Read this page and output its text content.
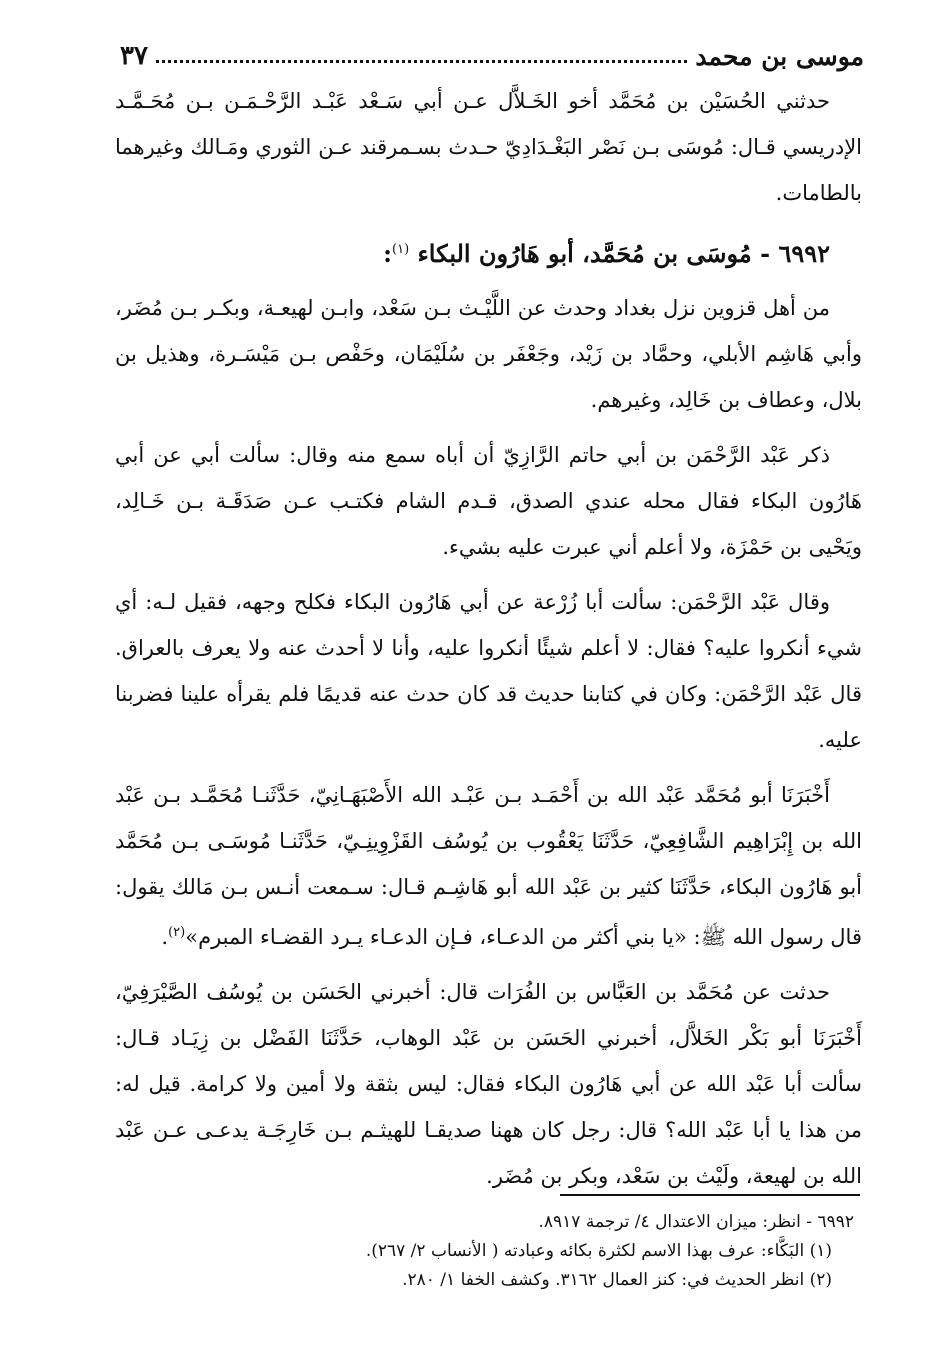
موسى بن محمد
٣٧

حدثني الحُسَيْن بن مُحَمَّد أخو الخَـلاَّل عـن أبي سَـعْد عَبْـد الرَّحْـمَـن بـن مُحَـمَّـد الإدريسي قـال: مُوسَى بـن نَصْر البَغْـدَادِيّ حـدث بسـمرقند عـن الثوري ومَـالك وغيرهما بالطامات.

٦٩٩٢ - مُوسَى بن مُحَمَّد، أبو هَارُون البكاء $^{(١)}$:

من أهل قزوين نزل بغداد وحدث عن اللَّيْـث بـن سَعْد، وابـن لهيعـة، وبكـر بـن مُضَر، وأبي هَاشِم الأبلي، وحمَّاد بن زَيْد، وجَعْفَر بن سُلَيْمَان، وحَفْص بـن مَيْسَـرة، وهذيل بن بلال، وعطاف بن خَالِد، وغيرهم.

ذكر عَبْد الرَّحْمَن بن أبي حاتم الرَّازِيّ أن أباه سمع منه وقال: سألت أبي عن أبي هَارُون البكاء فقال محله عندي الصدق، قـدم الشام فكتـب عـن صَدَقَـة بـن خَـالِد، ويَحْيى بن حَمْزَة، ولا أعلم أني عبرت عليه بشيء.

وقال عَبْد الرَّحْمَن: سألت أبا زُرْعة عن أبي هَارُون البكاء فكلح وجهه، فقيل لـه: أي شيء أنكروا عليه؟ فقال: لا أعلم شيئًا أنكروا عليه، وأنا لا أحدث عنه ولا يعرف بالعراق. قال عَبْد الرَّحْمَن: وكان في كتابنا حديث قد كان حدث عنه قديمًا فلم يقرأه علينا فضربنا عليه.

أَخْبَرَنَا أبو مُحَمَّد عَبْد الله بن أَحْمَـد بـن عَبْـد الله الأَصْبَهَـانِيّ، حَدَّثَنـا مُحَمَّـد بـن عَبْد الله بن إِبْرَاهِيم الشَّافِعِيّ، حَدَّثَنَا يَعْقُوب بن يُوسُف القَزْوِينِـيّ، حَدَّثَنـا مُوسَـى بـن مُحَمَّد أبو هَارُون البكاء، حَدَّثَنَا كثير بن عَبْد الله أبو هَاشِـم قـال: سـمعت أنـس بـن مَالك يقول: قال رسول الله ﷺ: «يا بني أكثر من الدعـاء، فـإن الدعـاء يـرد القضـاء المبرم»$^{(٢)}$.

حدثت عن مُحَمَّد بن العَبَّاس بن الفُرَات قال: أخبرني الحَسَن بن يُوسُف الصَّيْرَفِيّ، أَخْبَرَنَا أبو بَكْر الخَلاَّل، أخبرني الحَسَن بن عَبْد الوهاب، حَدَّثَنَا الفَضْل بن زِيَـاد قـال: سألت أبا عَبْد الله عن أبي هَارُون البكاء فقال: ليس بثقة ولا أمين ولا كرامة. قيل له: من هذا يا أبا عَبْد الله؟ قال: رجل كان ههنا صديقـا للهيثـم بـن خَارِجَـة يدعـى عـن عَبْد الله بن لهيعة، ولَيْث بن سَعْد، وبكر بن مُضَر.

٦٩٩٢ - انظر: ميزان الاعتدال ٤/ ترجمة ٨٩١٧.

(١) البَكَّاء: عرف بهذا الاسم لكثرة بكائه وعبادته ( الأنساب ٢/ ٢٦٧).

(٢) انظر الحديث في: كنز العمال ٣١٦٢. وكشف الخفا ١/ ٢٨٠.
